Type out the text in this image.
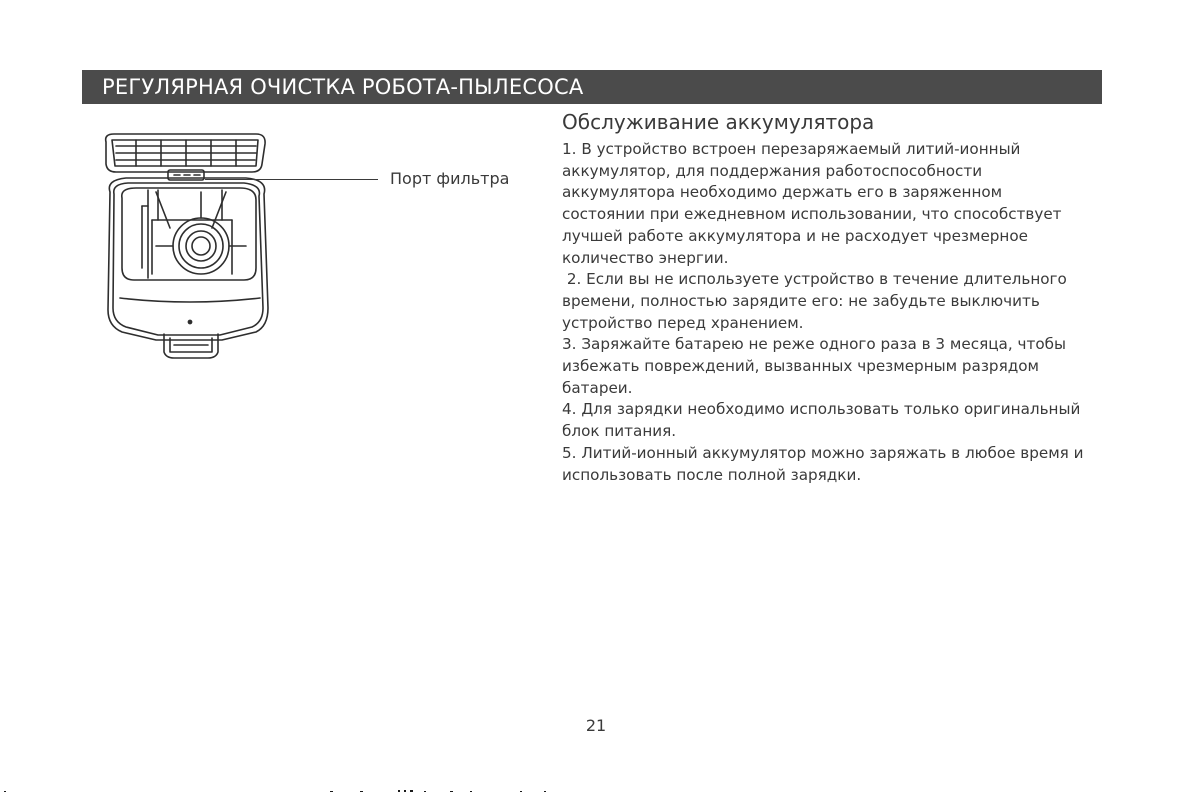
РЕГУЛЯРНАЯ ОЧИСТКА РОБОТА-ПЫЛЕСОСА
Порт фильтра
Обслуживание аккумулятора

1. В устройство встроен перезаряжаемый литий-ионный

аккумулятор, для поддержания работоспособности

аккумулятора необходимо держать его в заряженном

состоянии при ежедневном использовании, что способствует

лучшей работе аккумулятора и не расходует чрезмерное

количество энергии.

2. Если вы не используете устройство в течение длительного

времени, полностью зарядите его: не забудьте выключить

устройство перед хранением.

3. Заряжайте батарею не реже одного раза в 3 месяца, чтобы

избежать повреждений, вызванных чрезмерным разрядом

батареи.

4. Для зарядки необходимо использовать только оригинальный

блок питания.

5. Литий-ионный аккумулятор можно заряжать в любое время и

использовать после полной зарядки.

21
